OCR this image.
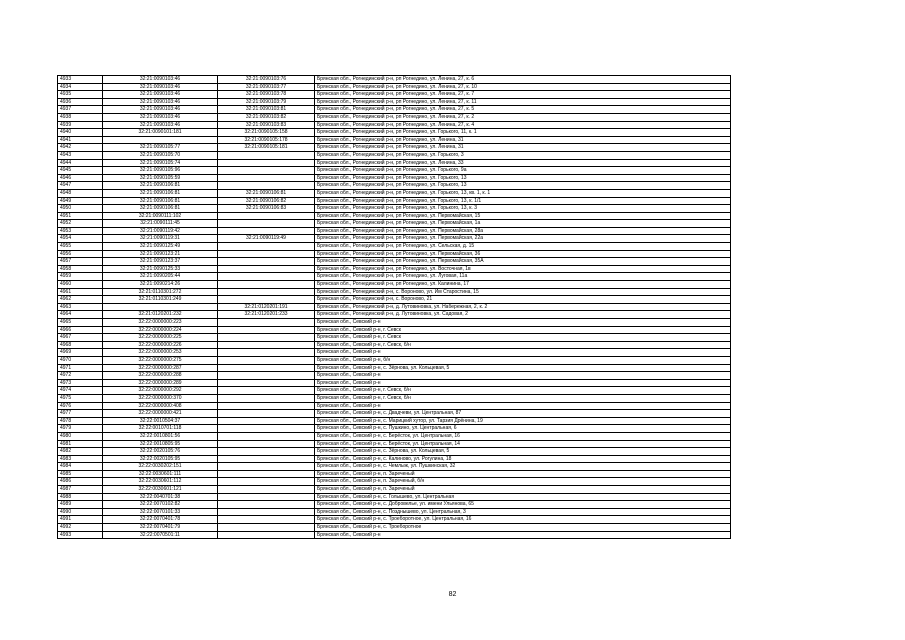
4933	32:21:0090103:46	32:21:0090103:76	Брянская обл., Рогнединский р-н, рп Рогнедино, ул. Ленина, 27, к. 6
4934	32:21:0090103:46	32:21:0090103:77	Брянская обл., Рогнединский р-н, рп Рогнедино, ул. Ленина, 27, к. 10
4935	32:21:0090103:46	32:21:0090103:78	Брянская обл., Рогнединский р-н, рп Рогнедино, ул. Ленина, 27, к. 7
4936	32:21:0090103:46	32:21:0090103:79	Брянская обл., Рогнединский р-н, рп Рогнедино, ул. Ленина, 27, к. 11
4937	32:21:0090103:46	32:21:0090103:81	Брянская обл., Рогнединский р-н, рп Рогнедино, ул. Ленина, 27, к. 5
4938	32:21:0090103:46	32:21:0090103:82	Брянская обл., Рогнединский р-н, рп Рогнедино, ул. Ленина, 27, к. 2
4939	32:21:0090103:46	32:21:0090103:83	Брянская обл., Рогнединский р-н, рп Рогнедино, ул. Ленина, 27, к. 4
4940	32:21:0090101:181	32:21:0090105:158	Брянская обл., Рогнединский р-н, рп Рогнедино, ул. Горького, 11, к. 1
4941		32:21:0090105:178	Брянская обл., Рогнединский р-н, рп Рогнедино, ул. Ленина, 31
4942	32:21:0090105:77	32:21:0090105:181	Брянская обл., Рогнединский р-н, рп Рогнедино, ул. Ленина, 31
4943	32:21:0090105:70		Брянская обл., Рогнединский р-н, рп Рогнедино, ул. Горького, 3
4944	32:21:0090105:74		Брянская обл., Рогнединский р-н, рп Рогнедино, ул. Ленина, 33
4945	32:21:0090105:96		Брянская обл., Рогнединский р-н, рп Рогнедино, ул. Горького, 9а
4946	32:21:0090105:59		Брянская обл., Рогнединский р-н, рп Рогнедино, ул. Горького, 13
4947	32:21:0090106:81		Брянская обл., Рогнединский р-н, рп Рогнедино, ул. Горького, 13
4948	32:21:0090106:81	32:21:0090106:81	Брянская обл., Рогнединский р-н, рп Рогнедино, ул. Горького, 13, кв. 1, к. 1
4949	32:21:0090106:81	32:21:0090106:82	Брянская обл., Рогнединский р-н, рп Рогнедино, ул. Горького, 13, к. 1/1
4950	32:21:0090106:81	32:21:0090106:83	Брянская обл., Рогнединский р-н, рп Рогнедино, ул. Горького, 13, к. 3
4951	32:21:0090111:102		Брянская обл., Рогнединский р-н, рп Рогнедино, ул. Первомайская, 15
4952	32:21:0090111:45		Брянская обл., Рогнединский р-н, рп Рогнедино, ул. Первомайская, 1а
4953	32:21:0090119:42		Брянская обл., Рогнединский р-н, рп Рогнедино, ул. Первомайская, 28а
4954	32:21:0090119:31	32:21:0090119:49	Брянская обл., Рогнединский р-н, рп Рогнедино, ул. Первомайская, 22а
4955	32:21:0090125:49		Брянская обл., Рогнединский р-н, рп Рогнедино, ул. Сельская, д. 15
4956	32:21:0090123:21		Брянская обл., Рогнединский р-н, рп Рогнедино, ул. Первомайская, 36
4957	32:21:0090123:37		Брянская обл., Рогнединский р-н, рп Рогнедино, ул. Первомайская, 35А
4958	32:21:0090125:33		Брянская обл., Рогнединский р-н, рп Рогнедино, ул. Восточная, 1в
4959	32:21:0090205:44		Брянская обл., Рогнединский р-н, рп Рогнедино, ул. Луговая, 11а
4960	32:21:0090214:26		Брянская обл., Рогнединский р-н, рп Рогнедино, ул. Калинина, 17
4961	32:21:0110301:272		Брянская обл., Рогнединский р-н, с. Вороново, ул. Им Старостина, 15
4962	32:21:0110301:249		Брянская обл., Рогнединский р-н, с. Вороново, 21
4963		32:21:0120201:191	Брянская обл., Рогнединский р-н, д. Лутовиновка, ул. Набережная, 2, к. 2
4964	32:21:0120201:232	32:21:0120201:233	Брянская обл., Рогнединский р-н, д. Лутовиновка, ул. Садовая, 2
4965	32:22:0000000:223		Брянская обл., Севский р-н
4966	32:22:0000000:224		Брянская обл., Севский р-н, г. Севск
4967	32:22:0000000:225		Брянская обл., Севский р-н, г. Севск
4968	32:22:0000000:226		Брянская обл., Севский р-н, г. Севск, б/н
4969	32:22:0000000:253		Брянская обл., Севский р-н
4970	32:22:0000000:275		Брянская обл., Севский р-н, б/н
4971	32:22:0000000:287		Брянская обл., Севский р-н, с. Зёрнова, ул. Кольцевая, 5
4972	32:22:0000000:288		Брянская обл., Севский р-н
4973	32:22:0000000:289		Брянская обл., Севский р-н
4974	32:22:0000000:292		Брянская обл., Севский р-н, г. Севск, б/н
4975	32:22:0000000:370		Брянская обл., Севский р-н, г. Севск, б/н
4976	32:22:0000000:408		Брянская обл., Севский р-н
4977	32:22:0000000:421		Брянская обл., Севский р-н, с. Двадчеви, ул. Центральная, 87
4978	32:22:0010504:37		Брянская обл., Севский р-н, с. Марицкий хутор, ул. Тарзия Дрёнина, 19
4979	32:22:0010701:118		Брянская обл., Севский р-н, с. Пушкино, ул. Центральная, 6
4980	32:22:0010801:56		Брянская обл., Севский р-н, с. Берёсток, ул. Центральная, 16
4981	32:22:0010805:95		Брянская обл., Севский р-н, с. Берёсток, ул. Центральная, 14
4982	32:22:0020105:76		Брянская обл., Севский р-н, с. Зёрнова, ул. Кольцевая, 5
4983	32:22:0020105:95		Брянская обл., Севский р-н, с. Калиново, ул. Рогулина, 18
4984	32:22:0030202:151		Брянская обл., Севский р-н, с. Чемлыж, ул. Пушкинская, 32
4985	32:22:0030601:111		Брянская обл., Севский р-н, п. Зареченый
4986	32:22:0030601:112		Брянская обл., Севский р-н, п. Зареченый, б/н
4987	32:22:0030601:121		Брянская обл., Севский р-н, п. Зареченый
4988	32:22:0040701:38		Брянская обл., Севский р-н, с. Голышево, ул. Центральная
4989	32:22:0070102:82		Брянская обл., Севский р-н, с. Добровелье, ул. имени Ульянова, 65
4990	32:22:0070101:33		Брянская обл., Севский р-н, с. Позднышево, ул. Центральная, 3
4991	32:22:0070401:78		Брянская обл., Севский р-н, с. Троеборотное, ул. Центральная, 16
4992	32:22:0070401:79		Брянская обл., Севский р-н, с. Троеборотное
4993	32:22:0070501:11		Брянская обл., Севский р-н
82
